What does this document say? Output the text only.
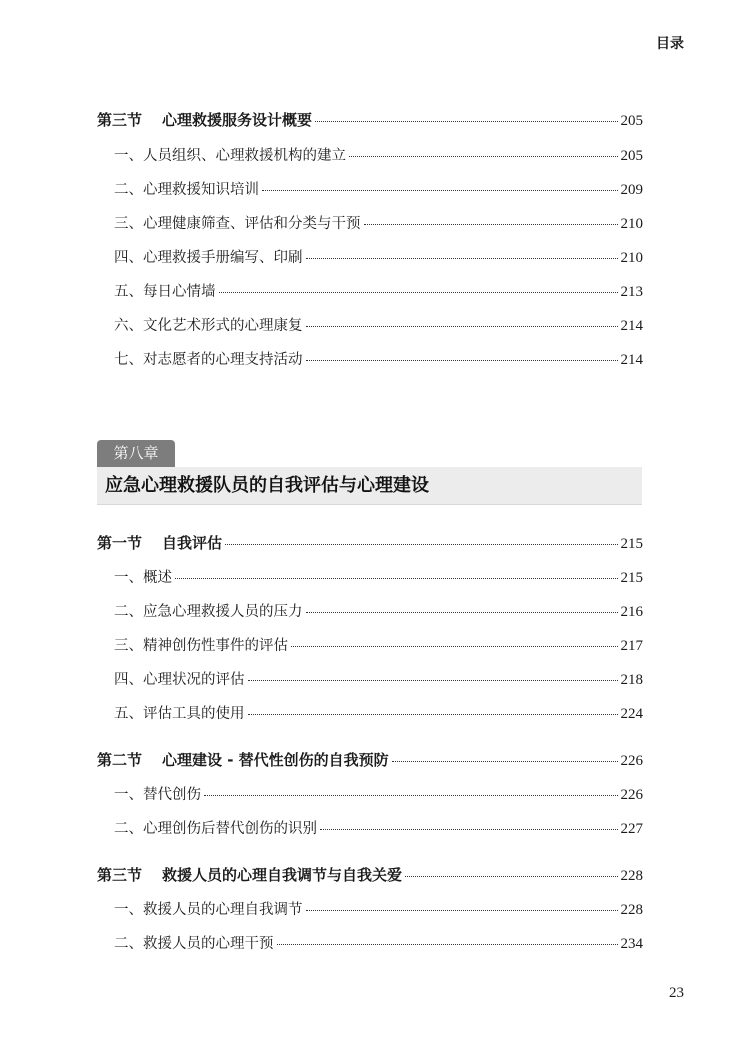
目录
第三节 心理救援服务设计概要	205
一、人员组织、心理救援机构的建立	205
二、心理救援知识培训	209
三、心理健康筛查、评估和分类与干预	210
四、心理救援手册编写、印刷	210
五、每日心情墙	213
六、文化艺术形式的心理康复	214
七、对志愿者的心理支持活动	214
第八章
应急心理救援队员的自我评估与心理建设
第一节 自我评估	215
一、概述	215
二、应急心理救援人员的压力	216
三、精神创伤性事件的评估	217
四、心理状况的评估	218
五、评估工具的使用	224
第二节 心理建设 - 替代性创伤的自我预防	226
一、替代创伤	226
二、心理创伤后替代创伤的识别	227
第三节 救援人员的心理自我调节与自我关爱	228
一、救援人员的心理自我调节	228
二、救援人员的心理干预	234
23
